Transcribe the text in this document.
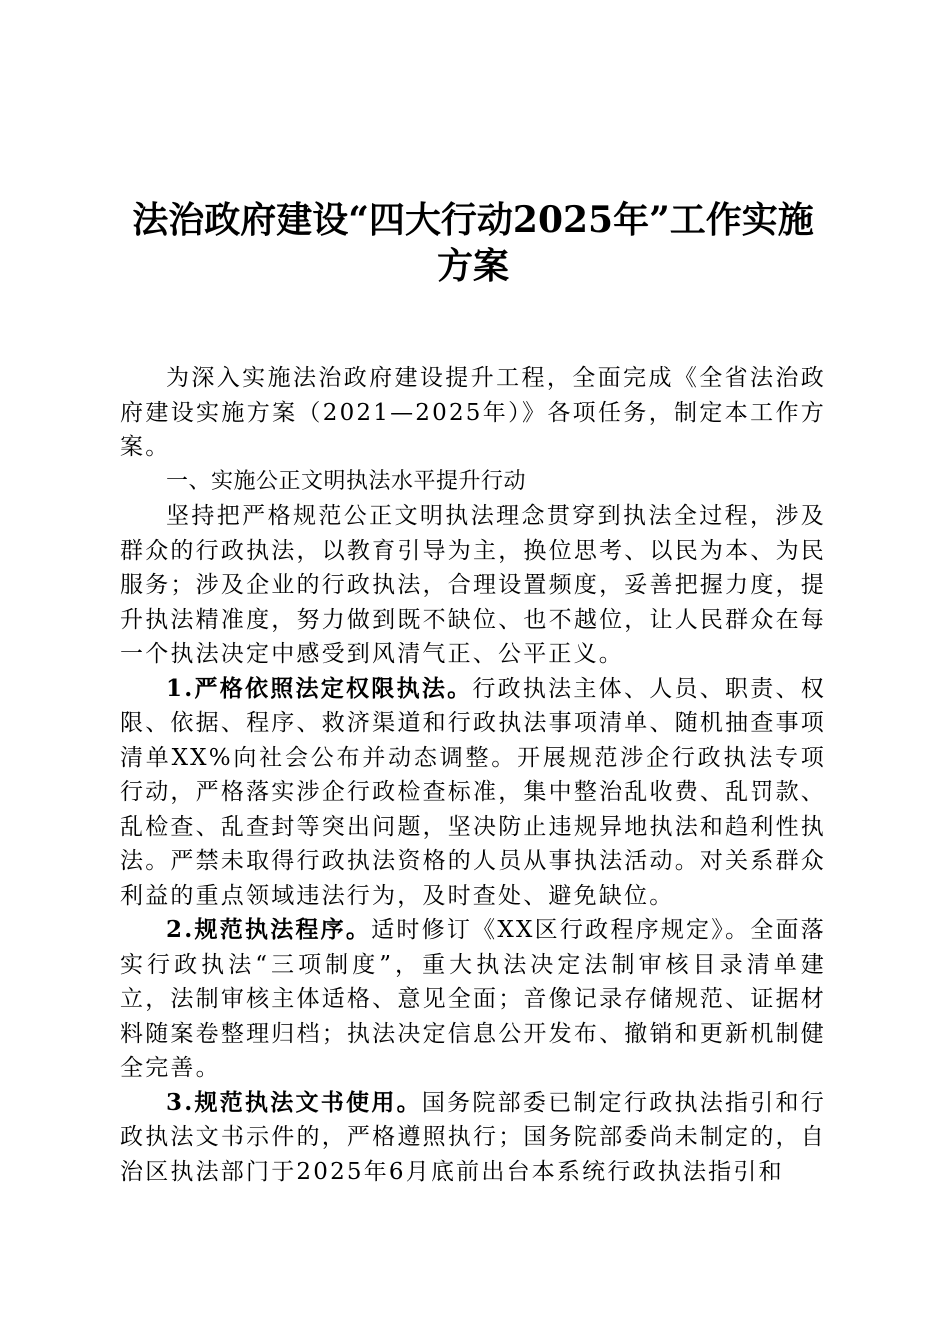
法治政府建设“四大行动2025年”工作实施
方案

为深入实施法治政府建设提升工程，全面完成《全省法治政府建设实施方案（2021—2025年）》各项任务，制定本工作方案。

一、实施公正文明执法水平提升行动

坚持把严格规范公正文明执法理念贯穿到执法全过程，涉及群众的行政执法，以教育引导为主，换位思考、以民为本、为民服务；涉及企业的行政执法，合理设置频度，妥善把握力度，提升执法精准度，努力做到既不缺位、也不越位，让人民群众在每一个执法决定中感受到风清气正、公平正义。

1.严格依照法定权限执法。行政执法主体、人员、职责、权限、依据、程序、救济渠道和行政执法事项清单、随机抽查事项清单XX%向社会公布并动态调整。开展规范涉企行政执法专项行动，严格落实涉企行政检查标准，集中整治乱收费、乱罚款、乱检查、乱查封等突出问题，坚决防止违规异地执法和趋利性执法。严禁未取得行政执法资格的人员从事执法活动。对关系群众利益的重点领域违法行为，及时查处、避免缺位。

2.规范执法程序。适时修订《XX区行政程序规定》。全面落实行政执法“三项制度”，重大执法决定法制审核目录清单建立，法制审核主体适格、意见全面；音像记录存储规范、证据材料随案卷整理归档；执法决定信息公开发布、撤销和更新机制健全完善。

3.规范执法文书使用。国务院部委已制定行政执法指引和行政执法文书示件的，严格遵照执行；国务院部委尚未制定的，自治区执法部门于2025年6月底前出台本系统行政执法指引和
